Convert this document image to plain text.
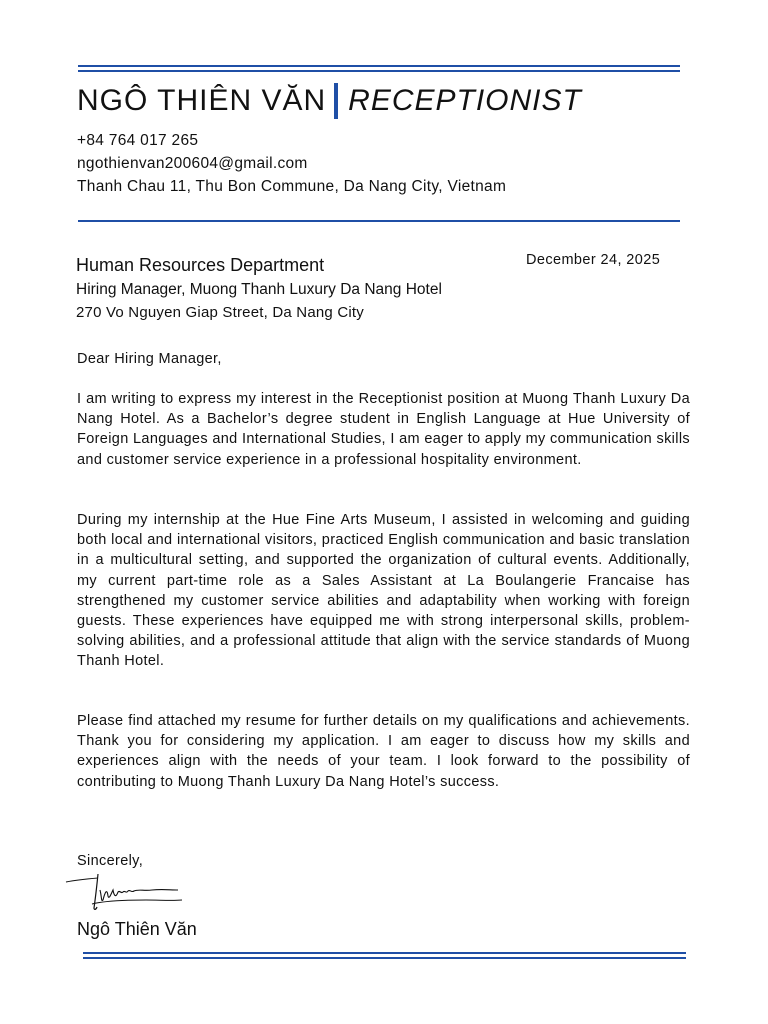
NGÔ THIÊN VĂN RECEPTIONIST
+84 764 017 265
ngothienvan200604@gmail.com
Thanh Chau 11, Thu Bon Commune, Da Nang City, Vietnam
Human Resources Department
Hiring Manager, Muong Thanh Luxury Da Nang Hotel
270 Vo Nguyen Giap Street, Da Nang City
December 24, 2025
Dear Hiring Manager,
I am writing to express my interest in the Receptionist position at Muong Thanh Luxury Da Nang Hotel. As a Bachelor’s degree student in English Language at Hue University of Foreign Languages and International Studies, I am eager to apply my communication skills and customer service experience in a professional hospitality environment.
During my internship at the Hue Fine Arts Museum, I assisted in welcoming and guiding both local and international visitors, practiced English communication and basic translation in a multicultural setting, and supported the organization of cultural events. Additionally, my current part-time role as a Sales Assistant at La Boulangerie Francaise has strengthened my customer service abilities and adaptability when working with foreign guests. These experiences have equipped me with strong interpersonal skills, problem-solving abilities, and a professional attitude that align with the service standards of Muong Thanh Hotel.
Please find attached my resume for further details on my qualifications and achievements. Thank you for considering my application. I am eager to discuss how my skills and experiences align with the needs of your team. I look forward to the possibility of contributing to Muong Thanh Luxury Da Nang Hotel’s success.
Sincerely,
Ngô Thiên Văn
